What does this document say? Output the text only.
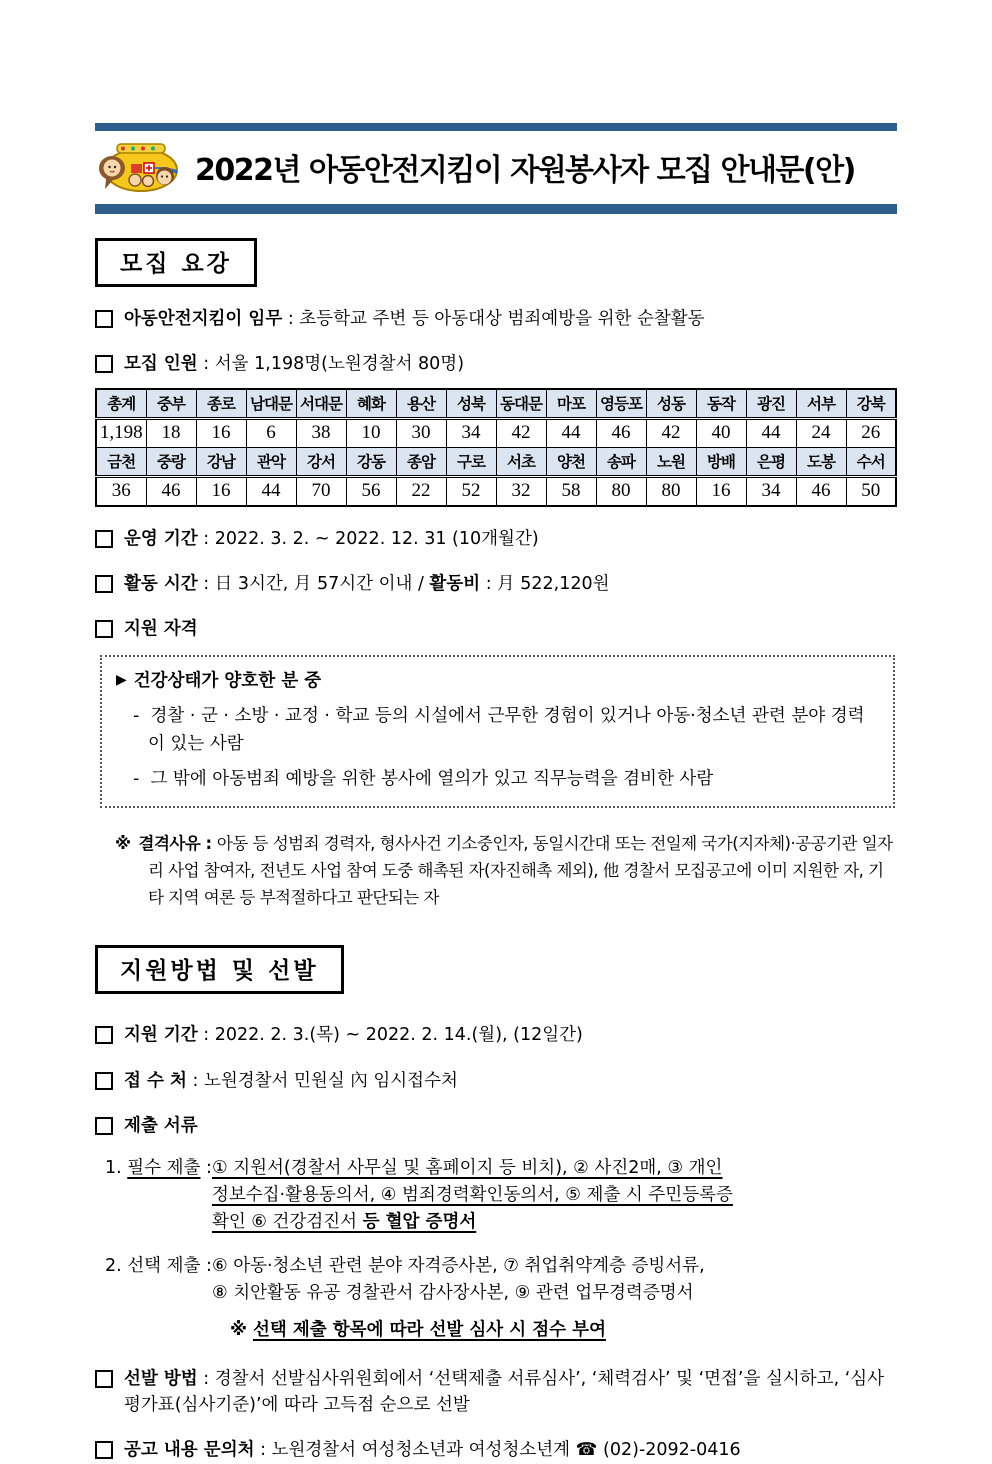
2022년 아동안전지킴이 자원봉사자 모집 안내문(안)
모집 요강

아동안전지킴이 임무 : 초등학교 주변 등 아동대상 범죄예방을 위한 순찰활동

모집 인원 : 서울 1,198명(노원경찰서 80명)

총계	중부	종로	남대문	서대문	혜화	용산	성북	동대문	마포	영등포	성동	동작	광진	서부	강북
1,198	18	16	6	38	10	30	34	42	44	46	42	40	44	24	26
금천	중랑	강남	관악	강서	강동	종암	구로	서초	양천	송파	노원	방배	은평	도봉	수서
36	46	16	44	70	56	22	52	32	58	80	80	16	34	46	50

운영 기간 : 2022. 3. 2. ~ 2022. 12. 31 (10개월간)

활동 시간 : 日 3시간, 月 57시간 이내 / 활동비 : 月 522,120원

지원 자격

▶ 건강상태가 양호한 분 중

- 경찰 · 군 · 소방 · 교정 · 학교 등의 시설에서 근무한 경험이 있거나 아동·청소년 관련 분야 경력이 있는 사람

- 그 밖에 아동범죄 예방을 위한 봉사에 열의가 있고 직무능력을 겸비한 사람

※ 결격사유 : 아동 등 성범죄 경력자, 형사사건 기소중인자, 동일시간대 또는 전일제 국가(지자체)·공공기관 일자리 사업 참여자, 전년도 사업 참여 도중 해촉된 자(자진해촉 제외), 他 경찰서 모집공고에 이미 지원한 자, 기타 지역 여론 등 부적절하다고 판단되는 자

지원방법 및 선발

지원 기간 : 2022. 2. 3.(목) ~ 2022. 2. 14.(월), (12일간)

접 수 처 : 노원경찰서 민원실 內 임시접수처

제출 서류

1. 필수 제출 : ① 지원서(경찰서 사무실 및 홈페이지 등 비치), ② 사진2매, ③ 개인
정보수집·활용동의서, ④ 범죄경력확인동의서, ⑤ 제출 시 주민등록증
확인 ⑥ 건강검진서 등 혈압 증명서
2. 선택 제출 : ⑥ 아동·청소년 관련 분야 자격증사본, ⑦ 취업취약계층 증빙서류,
⑧ 치안활동 유공 경찰관서 감사장사본, ⑨ 관련 업무경력증명서
※ 선택 제출 항목에 따라 선발 심사 시 점수 부여

선발 방법 : 경찰서 선발심사위원회에서 ‘선택제출 서류심사’, ‘체력검사’ 및 ‘면접’을 실시하고, ‘심사평가표(심사기준)’에 따라 고득점 순으로 선발

공고 내용 문의처 : 노원경찰서 여성청소년과 여성청소년계 ☎ (02)-2092-0416
